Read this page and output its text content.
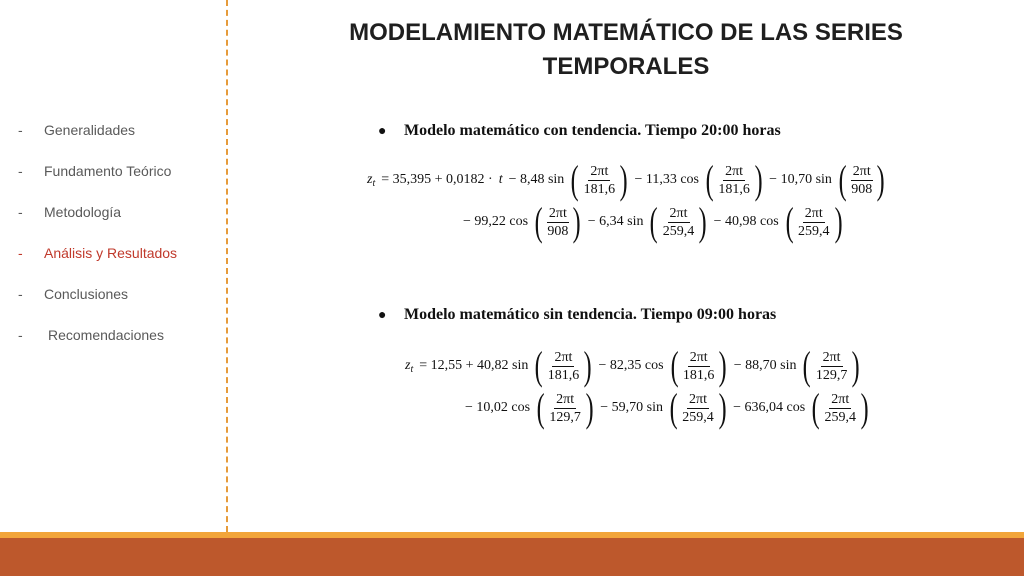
-	Generalidades
-	Fundamento Teórico
-	Metodología
-	Análisis y Resultados
-	Conclusiones
-	Recomendaciones
MODELAMIENTO MATEMÁTICO DE LAS SERIES
TEMPORALES
● Modelo matemático con tendencia. Tiempo 20:00 horas
$z_t = 35,395 + 0,0182 \cdot t - 8,48$ sin ( $\frac{2\pi t}{181,6}$ ) − 11,33 cos ( $\frac{2\pi t}{181,6}$ ) − 10,70 sin ( $\frac{2\pi t}{908}$ )
− 99,22 cos ( $\frac{2\pi t}{908}$ ) − 6,34 sin ( $\frac{2\pi t}{259,4}$ ) − 40,98 cos ( $\frac{2\pi t}{259,4}$ )
● Modelo matemático sin tendencia. Tiempo 09:00 horas
$z_t = 12,55 + 40,82$ sin ( $\frac{2\pi t}{181,6}$ ) − 82,35 cos ( $\frac{2\pi t}{181,6}$ ) − 88,70 sin ( $\frac{2\pi t}{129,7}$ )
− 10,02 cos ( $\frac{2\pi t}{129,7}$ ) − 59,70 sin ( $\frac{2\pi t}{259,4}$ ) − 636,04 cos ( $\frac{2\pi t}{259,4}$ )
